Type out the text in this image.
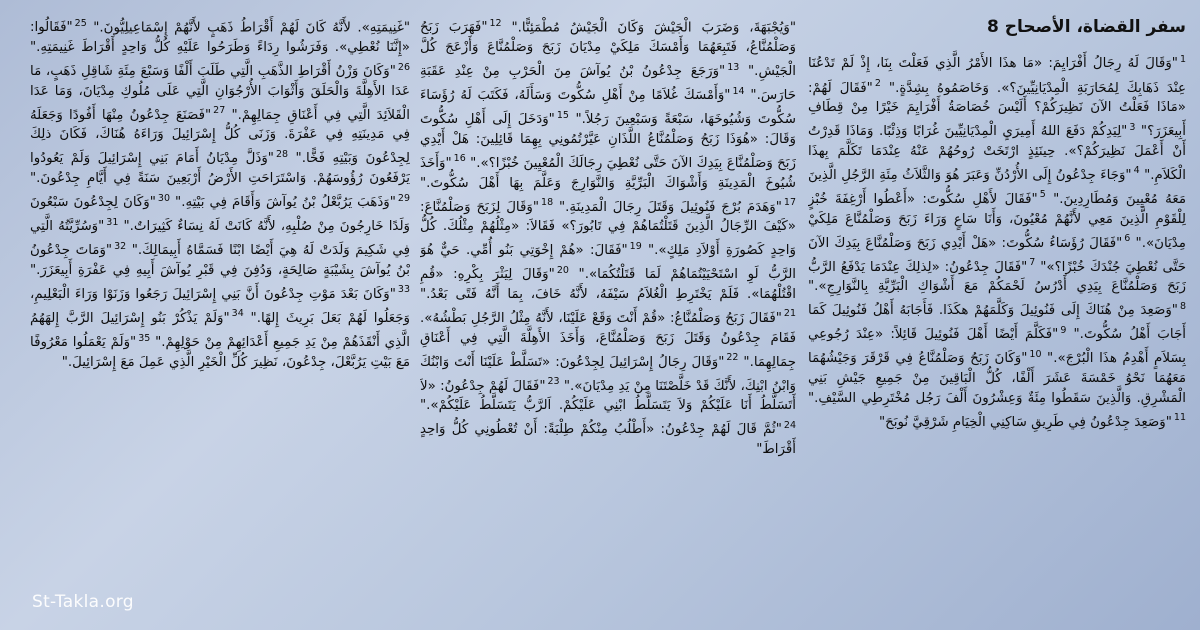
سفر القضاة، الأصحاح 8
$^1$"وَقَالَ لَهُ رِجَالُ أَفْرَايِمَ: «مَا هذَا الأَمْرُ الَّذِي فَعَلْتَ بِنَا، إِذْ لَمْ تَدْعُنَا عِنْدَ ذَهَابِكَ لِمُحَارَبَةِ الْمِدْيَانِيِّينَ؟». وَخَاصَمُوهُ بِشِدَّةٍ." $^2$"فَقَالَ لَهُمْ: «مَاذَا فَعَلْتُ الآنَ نَظِيرَكُمْ؟ أَلَيْسَ خُصَاصَةُ أَفْرَايِمَ خَيْرًا مِنْ قِطَافِ أَبِيعَزَرَ؟" $^3$"لِيَدِكُمْ دَفَعَ اللهُ أَمِيرَيِ الْمِدْيَانِيِّينَ غُرَابًا وَذِئْبًا. وَمَاذَا قَدِرْتُ أَنْ أَعْمَلَ نَظِيرَكُمْ؟». حِينَئِذٍ ارْتَخَتْ رُوحُهُمْ عَنْهُ عِنْدَمَا تَكَلَّمَ بِهذَا الْكَلاَمِ." $^4$"وَجَاءَ جِدْعُونُ إِلَى الأُرْدُنِّ وَعَبَرَ هُوَ وَالثَّلاَثُ مِئَةِ الرَّجُلِ الَّذِينَ مَعَهُ مُعْيِينَ وَمُطَارِدِينَ." $^5$"فَقَالَ لأَهْلِ سُكُّوتَ: «أَعْطُوا أَرْغِفَةَ خُبْزٍ لِلْقَوْمِ الَّذِينَ مَعِي لأَنَّهُمْ مُعْيُونَ، وَأَنَا سَاعٍ وَرَاءَ زَبَحَ وَصَلْمُنَّاعَ مَلِكَيْ مِدْيَانَ»." $^6$"فَقَالَ رُؤَسَاءُ سُكُّوتَ: «هَلْ أَيْدِي زَبَحَ وَصَلْمُنَّاعَ بِيَدِكَ الآنَ حَتَّى نُعْطِيَ جُنْدَكَ خُبْزًا؟»" $^7$"فَقَالَ جِدْعُونُ: «لِذلِكَ عِنْدَمَا يَدْفَعُ الرَّبُّ زَبَحَ وَصَلْمُنَّاعَ بِيَدِي أَدْرُسُ لَحْمَكُمْ مَعَ أَشْوَاكِ الْبَرِّيَّةِ بِالنَّوَارِجِ»." $^8$"وَصَعِدَ مِنْ هُنَاكَ إِلَى فَنُوئِيلَ وَكَلَّمَهُمْ هكَذَا. فَأَجَابَهُ أَهْلُ فَنُوئِيلَ كَمَا أَجَابَ أَهْلُ سُكُّوتَ." $^9$"فَكَلَّمَ أَيْضًا أَهْلَ فَنُوئِيلَ قَائِلاً: «عِنْدَ رُجُوعِي بِسَلاَمٍ أَهْدِمُ هذَا الْبُرْجَ»." $^{10}$"وَكَانَ زَبَحُ وَصَلْمُنَّاعُ فِي قَرْقَرَ وَجَيْشُهُمَا مَعَهُمَا نَحْوُ خَمْسَةَ عَشَرَ أَلْفًا، كُلُّ الْبَاقِينَ مِنْ جَمِيعِ جَيْشِ بَنِي الْمَشْرِقِ. وَالَّذِينَ سَقَطُوا مِئَةٌ وَعِشْرُونَ أَلْفَ رَجُل مُخْتَرِطِي السَّيْفِ." $^{11}$"وَصَعِدَ جِدْعُونُ فِي طَرِيقِ سَاكِنِي الْخِيَامِ شَرْقِيَّ نُوبَحَ"
"وَيُجْبَهَةَ، وَضَرَبَ الْجَيْشَ وَكَانَ الْجَيْشُ مُطْمَئِنًّا." $^{12}$"فَهَرَبَ زَبَحُ وَصَلْمُنَّاعُ، فَتَبِعَهُمَا وَأَمْسَكَ مَلِكَيْ مِدْيَانَ زَبَحَ وَصَلْمُنَّاعَ وَأَزْعَجَ كُلَّ الْجَيْشِ." $^{13}$"وَرَجَعَ جِدْعُونُ بْنُ يُوآشَ مِنَ الْحَرْبِ مِنْ عِنْدِ عَقَبَةِ حَارَسَ." $^{14}$"وَأَمْسَكَ غُلاَمًا مِنْ أَهْلِ سُكُّوتَ وَسَأَلَهُ، فَكَتَبَ لَهُ رُؤَسَاءَ سُكُّوتَ وَشُيُوخَهَا، سَبْعَةً وَسَبْعِينَ رَجُلاً." $^{15}$"وَدَخَلَ إِلَى أَهْلِ سُكُّوتَ وَقَالَ: «هُوَذَا زَبَحُ وَصَلْمُنَّاعُ اللَّذَانِ عَيَّرْتُمُونِي بِهِمَا قَائِلِينَ: هَلْ أَيْدِي زَبَحَ وَصَلْمُنَّاعَ بِيَدِكَ الآنَ حَتَّى نُعْطِيَ رِجَالَكَ الْمُعْيِينَ خُبْزًا؟»." $^{16}$"وَأَخَذَ شُيُوخَ الْمَدِينَةِ وَأَشْوَاكَ الْبَرِّيَّةِ وَالنَّوَارِجَ وَعَلَّمَ بِهَا أَهْلَ سُكُّوتَ." $^{17}$"وَهَدَمَ بُرْجَ فَنُوئِيلَ وَقَتَلَ رِجَالَ الْمَدِينَةِ." $^{18}$"وَقَالَ لِزَبَحَ وَصَلْمُنَّاعَ: «كَيْفَ الرِّجَالُ الَّذِينَ قَتَلْتُمَاهُمْ فِي تَابُورَ؟» فَقَالاَ: «مِثْلُهُمْ مِثْلُكَ. كُلُّ وَاحِدٍ كَصُورَةِ أَوْلاَدِ مَلِكٍ»." $^{19}$"فَقَالَ: «هُمْ إِخْوَتِي بَنُو أُمِّي. حَيٌّ هُوَ الرَّبُّ لَوِ اسْتَحْيَيْتُمَاهُمْ لَمَا قَتَلْتُكُمَا»." $^{20}$"وَقَالَ لِيَثْرَ بِكْرِهِ: «قُمِ اقْتُلْهُمَا». فَلَمْ يَخْتَرِطِ الْغُلاَمُ سَيْفَهُ، لأَنَّهُ خَافَ، بِمَا أَنَّهُ فَتًى بَعْدُ." $^{21}$"فَقَالَ زَبَحُ وَصَلْمُنَّاعُ: «قُمْ أَنْتَ وَقَعْ عَلَيْنَا، لأَنَّهُ مِثْلُ الرَّجُلِ بَطْشُهُ». فَقَامَ جِدْعُونُ وَقَتَلَ زَبَحَ وَصَلْمُنَّاعَ، وَأَخَذَ الأَهِلَّةَ الَّتِي فِي أَعْنَاقِ جِمَالِهِمَا." $^{22}$"وَقَالَ رِجَالُ إِسْرَائِيلَ لِجِدْعُونَ: «تَسَلَّطْ عَلَيْنَا أَنْتَ وَابْنُكَ وَابْنُ ابْنِكَ، لأَنَّكَ قَدْ خَلَّصْتَنَا مِنْ يَدِ مِدْيَانَ»." $^{23}$"فَقَالَ لَهُمْ جِدْعُونُ: «لاَ أَتَسَلَّطُ أَنَا عَلَيْكُمْ وَلاَ يَتَسَلَّطُ ابْنِي عَلَيْكُمْ. اَلرَّبُّ يَتَسَلَّطُ عَلَيْكُمْ»." $^{24}$"ثُمَّ قَالَ لَهُمْ جِدْعُونُ: «أَطْلُبُ مِنْكُمْ طِلْبَةً: أَنْ تُعْطُونِي كُلُّ وَاحِدٍ أَقْرَاطَ"
"غَنِيمَتِهِ». لأَنَّهُ كَانَ لَهُمْ أَقْرَاطُ ذَهَبٍ لأَنَّهُمْ إِسْمَاعِيلِيُّونَ." $^{25}$"فَقَالُوا: «إِنَّنَا نُعْطِي». وَفَرَشُوا رِدَاءً وَطَرَحُوا عَلَيْهِ كُلُّ وَاحِدٍ أَقْرَاطَ غَنِيمَتِهِ." $^{26}$"وَكَانَ وَزْنُ أَقْرَاطِ الذَّهَبِ الَّتِي طَلَبَ أَلْفًا وَسَبْعَ مِئَةِ شَاقِلِ ذَهَبٍ، مَا عَدَا الأَهِلَّةَ وَالْحَلَقَ وَأَثْوَابَ الأُرْجُوَانِ الَّتِي عَلَى مُلُوكِ مِدْيَانَ، وَمَا عَدَا الْقَلاَئِدَ الَّتِي فِي أَعْنَاقِ جِمَالِهِمْ." $^{27}$"فَصَنَعَ جِدْعُونُ مِنْهَا أَفُودًا وَجَعَلَهُ فِي مَدِينَتِهِ فِي عَفْرَةَ. وَزَنَى كُلُّ إِسْرَائِيلَ وَرَاءَهُ هُنَاكَ، فَكَانَ ذلِكَ لِجِدْعُونَ وَبَيْتِهِ فَخًّا." $^{28}$"وَذَلَّ مِدْيَانُ أَمَامَ بَنِي إِسْرَائِيلَ وَلَمْ يَعُودُوا يَرْفَعُونَ رُؤُوسَهُمْ. وَاسْتَرَاحَتِ الأَرْضُ أَرْبَعِينَ سَنَةً فِي أَيَّامِ جِدْعُونَ." $^{29}$"وَذَهَبَ يَرُبَّعْلُ بْنُ يُوآشَ وَأَقَامَ فِي بَيْتِهِ." $^{30}$"وَكَانَ لِجِدْعُونَ سَبْعُونَ وَلَدًا خَارِجُونَ مِنْ صُلْبِهِ، لأَنَّهُ كَانَتْ لَهُ نِسَاءٌ كَثِيرَاتٌ." $^{31}$"وَسُرِّيَّتُهُ الَّتِي فِي شَكِيمَ وَلَدَتْ لَهُ هِيَ أَيْضًا ابْنًا فَسَمَّاهُ أَبِيمَالِكَ." $^{32}$"وَمَاتَ جِدْعُونُ بْنُ يُوآشَ بِشَيْبَةٍ صَالِحَةٍ، وَدُفِنَ فِي قَبْرِ يُوآشَ أَبِيهِ فِي عَفْرَةِ أَبِيعَزَرَ." $^{33}$"وَكَانَ بَعْدَ مَوْتِ جِدْعُونَ أَنَّ بَنِي إِسْرَائِيلَ رَجَعُوا وَزَنَوْا وَرَاءَ الْبَعْلِيمِ، وَجَعَلُوا لَهُمْ بَعَلَ بَرِيثَ إِلهًا." $^{34}$"وَلَمْ يَذْكُرْ بَنُو إِسْرَائِيلَ الرَّبَّ إِلهَهُمُ الَّذِي أَنْقَذَهُمْ مِنْ يَدِ جَمِيعِ أَعْدَائِهِمْ مِنْ حَوْلِهِمْ." $^{35}$"وَلَمْ يَعْمَلُوا مَعْرُوفًا مَعَ بَيْتِ يَرُبَّعْلَ، جِدْعُونَ، نَظِيرَ كُلِّ الْخَيْرِ الَّذِي عَمِلَ مَعَ إِسْرَائِيلَ."
St-Takla.org
